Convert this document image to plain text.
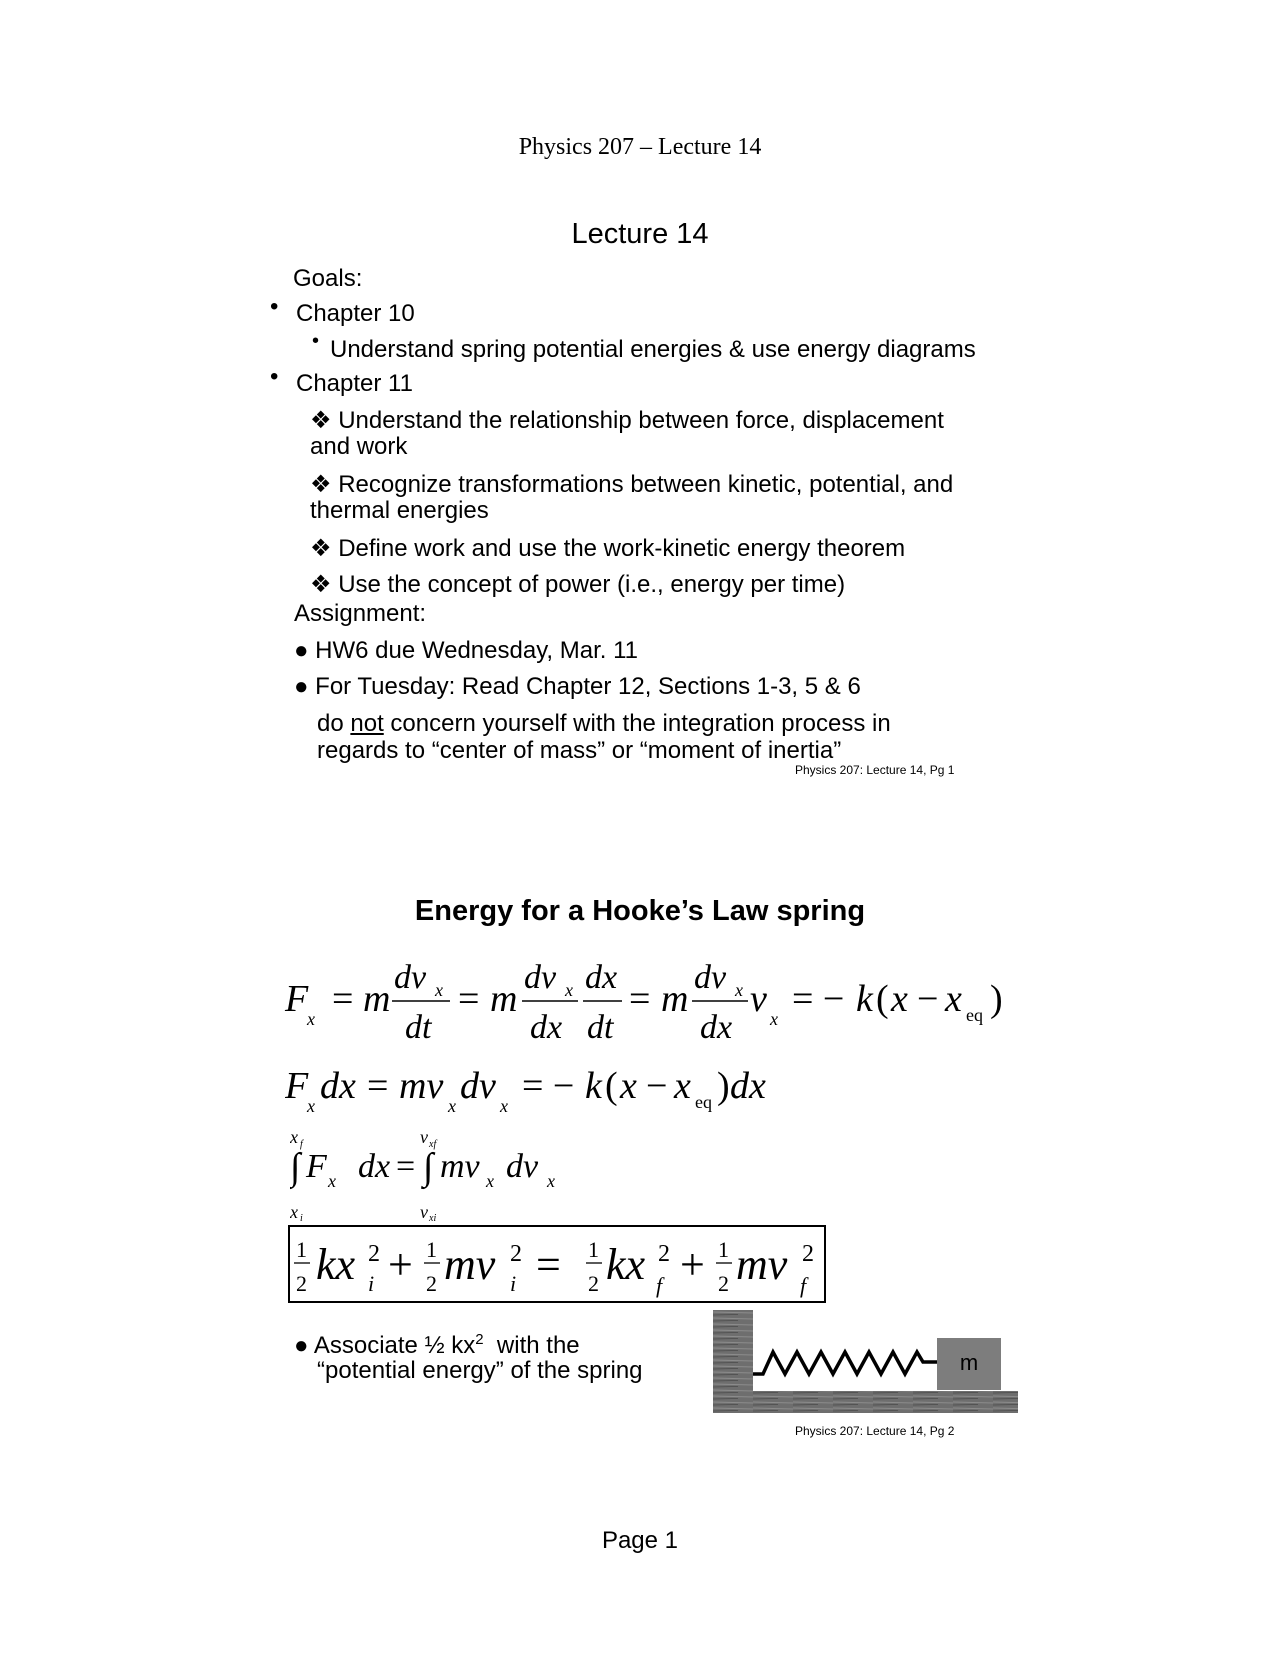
Physics 207 – Lecture 14
Lecture 14
Goals:
• Chapter 10
• Understand spring potential energies & use energy diagrams
• Chapter 11
❖ Understand the relationship between force, displacement
and work
❖ Recognize transformations between kinetic, potential, and
thermal energies
❖ Define work and use the work-kinetic energy theorem
❖ Use the concept of power (i.e., energy per time)
Assignment:
● HW6 due Wednesday, Mar. 11
● For Tuesday: Read Chapter 12, Sections 1-3, 5 & 6
do not concern yourself with the integration process in
regards to “center of mass” or “moment of inertia”
Physics 207: Lecture 14, Pg 1
Energy for a Hooke’s Law spring
F
x = m
dv x
dt
= m
dv x
dx
dx
dt
= m
dv x
dx
v x = − k ( x − x eq )
F
x dx = mv x dv x = − k ( x − x eq ) dx
x f
∫
x i
F x dx =
v xf
∫
v xi
mv x dv x
1
2 kx 2
i + 1
2 mv 2
i = 1
2 kx 2
f + 1
2 mv 2
f
● Associate ½ $kx^2$  with the
“potential energy” of the spring	m
Physics 207: Lecture 14, Pg 2
Page 1
